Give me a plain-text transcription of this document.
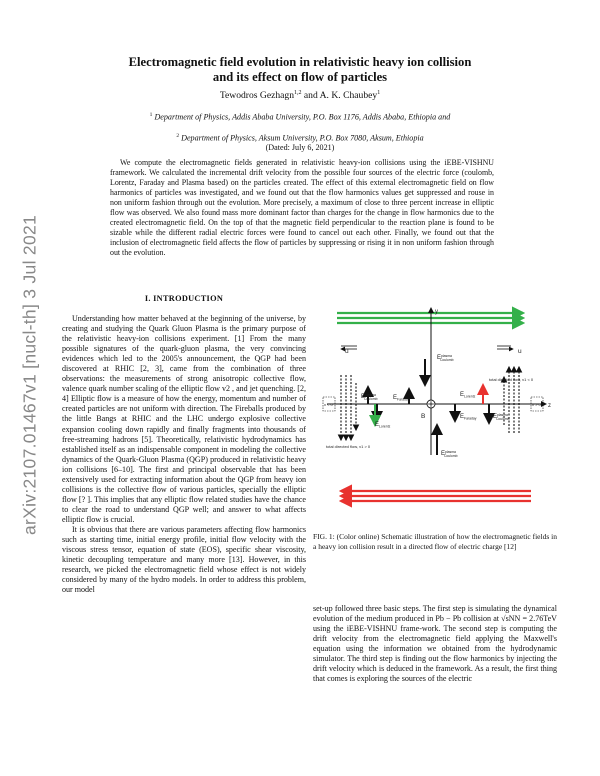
arXiv:2107.01467v1 [nucl-th] 3 Jul 2021
Electromagnetic field evolution in relativistic heavy ion collision
and its effect on flow of particles
Tewodros Gezhagn$^{1,2}$ and A. K. Chaubey$^1$
$^1$ Department of Physics, Addis Ababa University, P.O. Box 1176, Addis Ababa, Ethiopia and
$^2$ Department of Physics, Aksum University, P.O. Box 7080, Aksum, Ethiopia
(Dated: July 6, 2021)
We compute the electromagnetic fields generated in relativistic heavy-ion collisions using the iEBE-VISHNU framework. We calculated the incremental drift velocity from the possible four sources of the electric force (coulomb, Lorentz, Faraday and Plasma based) on the particles created. The effect of this external electromagnetic field on flow harmonics of particles was investigated, and we found out that the flow harmonics values get suppressed and rouse in non uniform fashion through out the evolution. More precisely, a maximum of close to three percent increase in elliptic flow was observed. We also found mass more dominant factor than charges for the change in flow harmonics due to the created electromagnetic field. On the top of that the magnetic field perpendicular to the reaction plane is found to be sizable while the different radial electric forces were found to cancel out each other. Finally, we found out that the inclusion of electromagnetic field affects the flow of particles by suppressing or rising it in non uniform fashion through out the evolution.
I. INTRODUCTION

Understanding how matter behaved at the beginning of the universe, by creating and studying the Quark Gluon Plasma is the primary purpose of the relativistic heavy-ion collisions experiment. [1] From the many possible signatures of the quark-gluon plasma, the very convincing evidences which led to the 2005's announcement, the QGP had been discovered at RHIC [2, 3], came from the combination of three observations: the measurements of strong anisotropic collective flow, valence quark number scaling of the elliptic flow v2 , and jet quenching. [2, 4] Elliptic flow is a measure of how the energy, momentum and number of created particles are not uniform with direction. The Fireballs produced by the little Bangs at RHIC and the LHC undergo explosive collective expansion cooling down rapidly and finally fragments into thousands of free-streaming hadrons [5]. Theoretically, relativistic hydrodynamics has established itself as an indispensable component in modeling the collective dynamics of the Quark-Gluon Plasma (QGP) produced in relativistic heavy ion collisions [6–10]. The first and principal observable that has been extensively used for extracting information about the QGP from heavy ion collisions is the collective flow of various particles, specially the elliptic flow [? ]. This implies that any elliptic flow related studies have the chance to clear the road to understand QGP well; and answer to what affects elliptic flow is crucial.

It is obvious that there are various parameters affecting flow harmonics such as starting time, initial energy profile, initial flow velocity with the viscous stress tensor, equation of state (EOS), specific shear viscosity, kinetic decoupling temperature and many more [13]. However, in this research, we picked the electromagnetic field whose effect is not widely considered by many of the hydro models. In order to address this problem, our model

y
z
x < 0	x > 0
u	u
total directed flow, v1 < 0
total directed flow, v1 > 0
B
$E^{plasma}$ Coulomb
$E^{plasma}$ Coulomb	$E_{Faraday}$
$E_{Lorentz}$
$E_{Lorentz}$
$E_{Faraday}$	$E^{plasma}$ Coulomb
$E^{plasma}$ Coulomb
FIG. 1: (Color online) Schematic illustration of how the electromagnetic fields in a heavy ion collision result in a directed flow of electric charge [12]

set-up followed three basic steps. The first step is simulating the dynamical evolution of the medium produced in Pb − Pb collision at √sNN = 2.76TeV using the iEBE-VISHNU frame-work. The second step is computing the drift velocity from the electromagnetic field applying the Maxwell's equation using the information we obtained from the hydrodynamic simulator. The third step is finding out the flow harmonics by injecting the drift velocity which is deduced in the framework. As a result, the first thing that comes is exploring the sources of the electric
